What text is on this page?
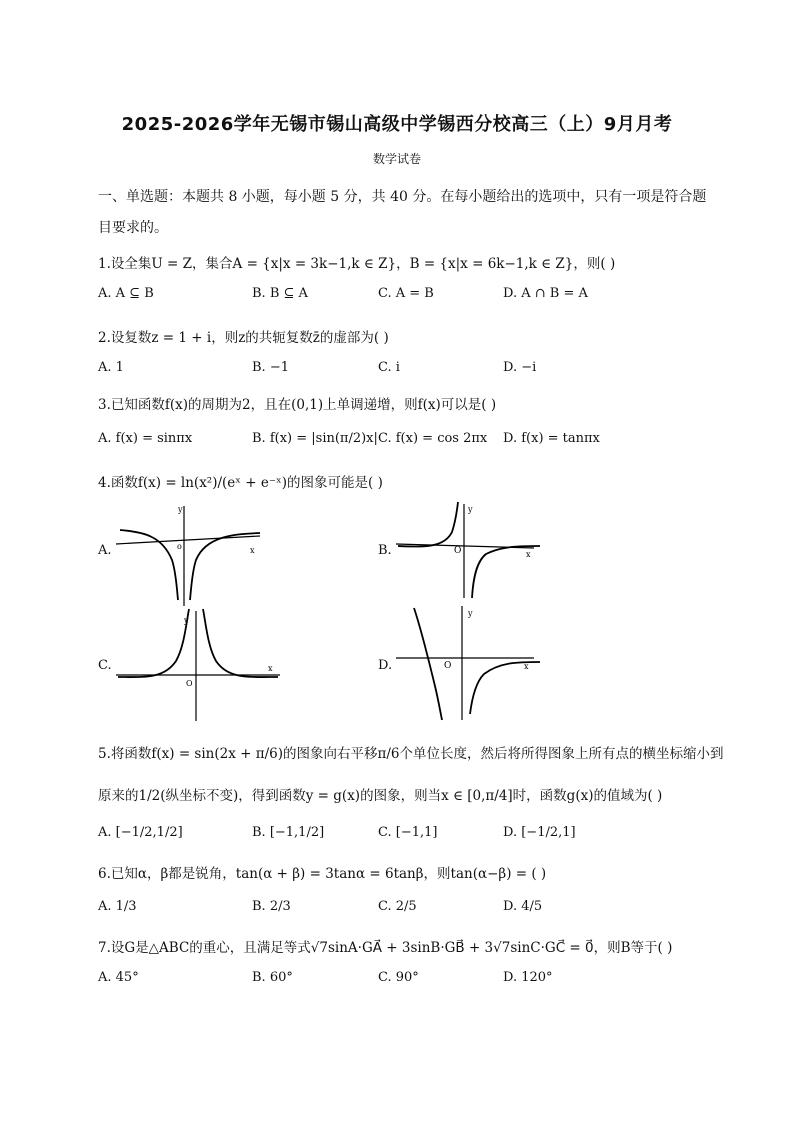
2025-2026学年无锡市锡山高级中学锡西分校高三（上）9月月考
数学试卷
一、单选题：本题共 8 小题，每小题 5 分，共 40 分。在每小题给出的选项中，只有一项是符合题
目要求的。
1.设全集U = Z，集合A = {x|x = 3k−1,k ∈ Z}，B = {x|x = 6k−1,k ∈ Z}，则( )
A. A ⊆ B	B. B ⊆ A	C. A = B	D. A ∩ B = A
2.设复数z = 1 + i，则z的共轭复数z̄的虚部为( )
A. 1	B. −1	C. i	D. −i
3.已知函数f(x)的周期为2，且在(0,1)上单调递增，则f(x)可以是( )
A. f(x) = sinπx	B. f(x) = |sin(π/2)x| C. f(x) = cos 2πx D. f(x) = tanπx
4.函数f(x) = ln(x²)/(eˣ + e⁻ˣ)的图象可能是( )
A.
y
o	x	B.
y
O	x
C.
y
O
x	D.
y
O	x
5.将函数f(x) = sin(2x + π/6)的图象向右平移π/6个单位长度，然后将所得图象上所有点的横坐标缩小到
原来的1/2(纵坐标不变)，得到函数y = g(x)的图象，则当x ∈ [0,π/4]时，函数g(x)的值域为( )
A. [−1/2,1/2]	B. [−1,1/2]	C. [−1,1]	D. [−1/2,1]
6.已知α，β都是锐角，tan(α + β) = 3tanα = 6tanβ，则tan(α−β) = ( )
A. 1/3	B. 2/3	C. 2/5	D. 4/5
7.设G是△ABC的重心，且满足等式√7sinA·GA⃗ + 3sinB·GB⃗ + 3√7sinC·GC⃗ = 0⃗，则B等于( )
A. 45°	B. 60°	C. 90°	D. 120°
